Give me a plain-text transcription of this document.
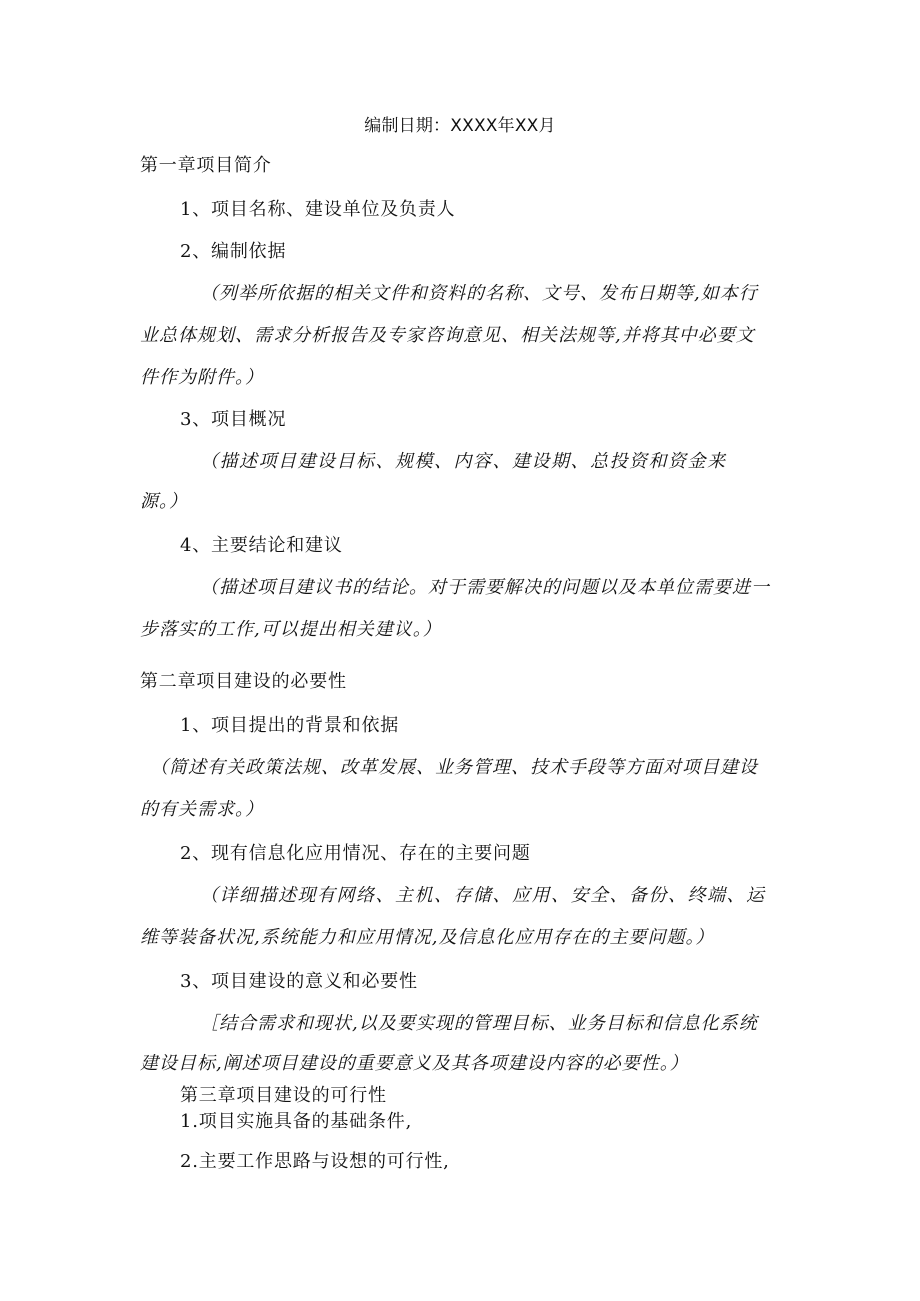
编制日期：XXXX年XX月
第一章项目简介
1、项目名称、建设单位及负责人
2、编制依据
（列举所依据的相关文件和资料的名称、文号、发布日期等,如本行
业总体规划、需求分析报告及专家咨询意见、相关法规等,并将其中必要文
件作为附件。）
3、项目概况
（描述项目建设目标、规模、内容、建设期、总投资和资金来
源。）
4、主要结论和建议
（描述项目建议书的结论。对于需要解决的问题以及本单位需要进一
步落实的工作,可以提出相关建议。）
第二章项目建设的必要性
1、项目提出的背景和依据
（简述有关政策法规、改革发展、业务管理、技术手段等方面对项目建设
的有关需求。）
2、现有信息化应用情况、存在的主要问题
（详细描述现有网络、主机、存储、应用、安全、备份、终端、运
维等装备状况,系统能力和应用情况,及信息化应用存在的主要问题。）
3、项目建设的意义和必要性
［结合需求和现状,以及要实现的管理目标、业务目标和信息化系统
建设目标,阐述项目建设的重要意义及其各项建设内容的必要性。）
第三章项目建设的可行性
1.项目实施具备的基础条件,
2.主要工作思路与设想的可行性,
